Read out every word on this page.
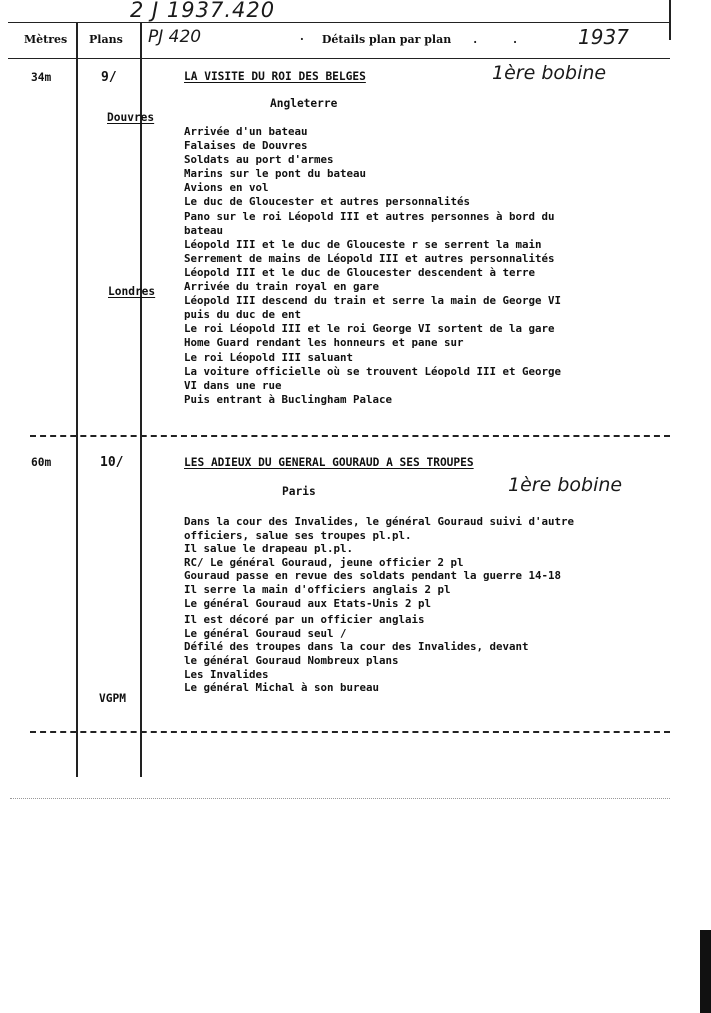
2 J 1937.420
Mètres Plans PJ 420	· Détails plan par plan .	.	1937
34m	9/	LA VISITE DU ROI DES BELGES	1ère bobine
Angleterre
Douvres
Londres
Arrivée d'un bateau
Falaises de Douvres
Soldats au port d'armes
Marins sur le pont du bateau
Avions en vol
Le duc de Gloucester et autres personnalités
Pano sur le roi Léopold III et autres personnes à bord du
bateau
Léopold III et le duc de Glouceste r se serrent la main
Serrement de mains de Léopold III et autres personnalités
Léopold III et le duc de Gloucester descendent à terre
Arrivée du train royal en gare
Léopold III descend du train et serre la main de George VI
puis du duc de ent
Le roi Léopold III et le roi George VI sortent de la gare
Home Guard rendant les honneurs et pane sur
Le roi Léopold III saluant
La voiture officielle où se trouvent Léopold III et George
VI dans une rue
Puis entrant à Buclingham Palace
60m	10/	LES ADIEUX DU GENERAL GOURAUD A SES TROUPES
1ère bobine
Paris
Dans la cour des Invalides, le général Gouraud suivi d'autre
officiers, salue ses troupes pl.pl.
Il salue le drapeau pl.pl.
RC/ Le général Gouraud, jeune officier 2 pl
Gouraud passe en revue des soldats pendant la guerre 14-18
Il serre la main d'officiers anglais 2 pl
Le général Gouraud aux Etats-Unis 2 pl
Il est décoré par un officier anglais
Le général Gouraud seul /
Défilé des troupes dans la cour des Invalides, devant
le général Gouraud Nombreux plans
Les Invalides
Le général Michal à son bureau
VGPM
